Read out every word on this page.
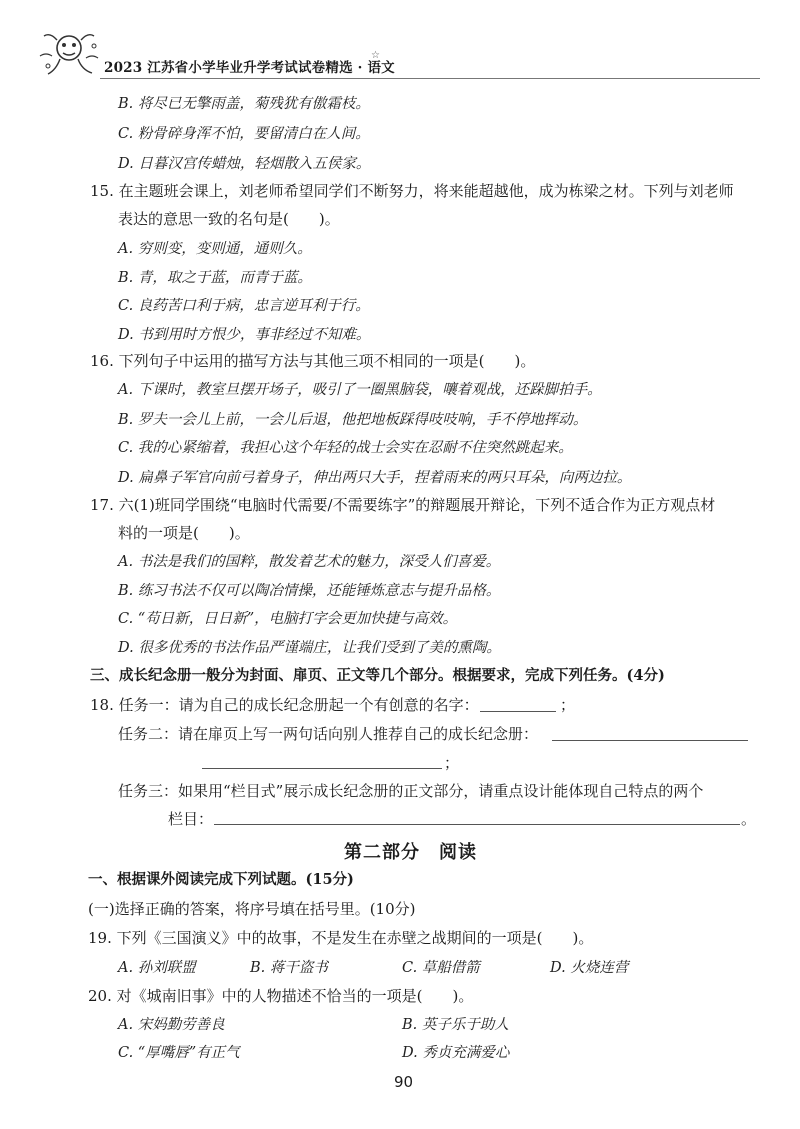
2023 江苏省小学毕业升学考试试卷精选 · 语文
☆
B. 将尽已无擎雨盖，菊残犹有傲霜枝。
C. 粉骨碎身浑不怕，要留清白在人间。
D. 日暮汉宫传蜡烛，轻烟散入五侯家。
15. 在主题班会课上，刘老师希望同学们不断努力，将来能超越他，成为栋梁之材。下列与刘老师
表达的意思一致的名句是(　　)。
A. 穷则变，变则通，通则久。
B. 青，取之于蓝，而青于蓝。
C. 良药苦口利于病，忠言逆耳利于行。
D. 书到用时方恨少，事非经过不知难。
16. 下列句子中运用的描写方法与其他三项不相同的一项是(　　)。
A. 下课时，教室旦摆开场子，吸引了一圈黑脑袋，嚷着观战，还跺脚拍手。
B. 罗夫一会儿上前，一会儿后退，他把地板踩得吱吱响，手不停地挥动。
C. 我的心紧缩着，我担心这个年轻的战士会实在忍耐不住突然跳起来。
D. 扁鼻子军官向前弓着身子，伸出两只大手，捏着雨来的两只耳朵，向两边拉。
17. 六(1)班同学围绕“电脑时代需要/不需要练字”的辩题展开辩论，下列不适合作为正方观点材
料的一项是(　　)。
A. 书法是我们的国粹，散发着艺术的魅力，深受人们喜爱。
B. 练习书法不仅可以陶冶情操，还能锤炼意志与提升品格。
C. “苟日新，日日新”，电脑打字会更加快捷与高效。
D. 很多优秀的书法作品严谨端庄，让我们受到了美的熏陶。
三、成长纪念册一般分为封面、扉页、正文等几个部分。根据要求，完成下列任务。(4分)
18. 任务一：请为自己的成长纪念册起一个有创意的名字：	；
任务二：请在扉页上写一两句话向别人推荐自己的成长纪念册：
；
任务三：如果用“栏目式”展示成长纪念册的正文部分，请重点设计能体现自己特点的两个
栏目：	。
第二部分　阅读
一、根据课外阅读完成下列试题。(15分)
(一)选择正确的答案，将序号填在括号里。(10分)
19. 下列《三国演义》中的故事，不是发生在赤壁之战期间的一项是(　　)。
A. 孙刘联盟	B. 蒋干盗书	C. 草船借箭	D. 火烧连营
20. 对《城南旧事》中的人物描述不恰当的一项是(　　)。
A. 宋妈勤劳善良	B. 英子乐于助人
C. “厚嘴唇”有正气	D. 秀贞充满爱心
90
